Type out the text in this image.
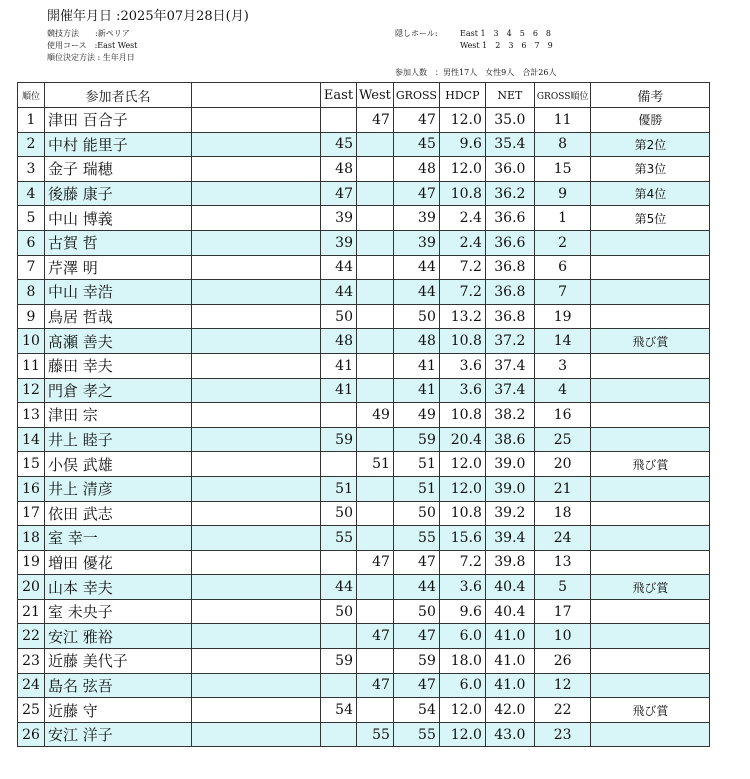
開催年月日 :2025年07月28日(月)
競技方法　　:新ペリア
使用コース　:East West
順位決定方法 : 生年月日
隠しホール:	East 1　3　4　5　6　8
West 1　2　3　6　7　9
参加人数　：男性17人　女性9人　合計26人
順位	参加者氏名		East	West	GROSS	HDCP	NET	GROSS順位	備考
1	津田 百合子			47	47	12.0	35.0	11	優勝
2	中村 能里子		45		45	9.6	35.4	8	第2位
3	金子 瑞穂		48		48	12.0	36.0	15	第3位
4	後藤 康子		47		47	10.8	36.2	9	第4位
5	中山 博義		39		39	2.4	36.6	1	第5位
6	古賀 哲		39		39	2.4	36.6	2	
7	芹澤 明		44		44	7.2	36.8	6	
8	中山 幸浩		44		44	7.2	36.8	7	
9	鳥居 哲哉		50		50	13.2	36.8	19	
10	髙瀬 善夫		48		48	10.8	37.2	14	飛び賞
11	藤田 幸夫		41		41	3.6	37.4	3	
12	門倉 孝之		41		41	3.6	37.4	4	
13	津田 宗			49	49	10.8	38.2	16	
14	井上 睦子		59		59	20.4	38.6	25	
15	小俣 武雄			51	51	12.0	39.0	20	飛び賞
16	井上 清彦		51		51	12.0	39.0	21	
17	依田 武志		50		50	10.8	39.2	18	
18	室 幸一		55		55	15.6	39.4	24	
19	増田 優花			47	47	7.2	39.8	13	
20	山本 幸夫		44		44	3.6	40.4	5	飛び賞
21	室 未央子		50		50	9.6	40.4	17	
22	安江 雅裕			47	47	6.0	41.0	10	
23	近藤 美代子		59		59	18.0	41.0	26	
24	島名 弦吾			47	47	6.0	41.0	12	
25	近藤 守		54		54	12.0	42.0	22	飛び賞
26	安江 洋子			55	55	12.0	43.0	23	
